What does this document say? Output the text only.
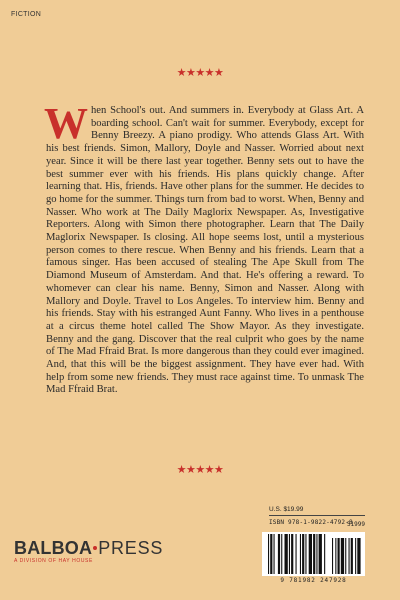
FICTION
★★★★★
When School's out. And summers in. Everybody at Glass Art. A boarding school. Can't wait for summer. Everybody, except for Benny Breezy. A piano prodigy. Who attends Glass Art. With his best friends. Simon, Mallory, Doyle and Nasser. Worried about next year. Since it will be there last year together. Benny sets out to have the best summer ever with his friends. His plans quickly change. After learning that. His, friends. Have other plans for the summer. He decides to go home for the summer. Things turn from bad to worst. When, Benny and Nasser. Who work at The Daily Maglorix Newspaper. As, Investigative Reporters. Along with Simon there photographer. Learn that The Daily Maglorix Newspaper. Is closing. All hope seems lost, until a mysterious person comes to there rescue. When Benny and his friends. Learn that a famous singer. Has been accused of stealing The Ape Skull from The Diamond Museum of Amsterdam. And that. He's offering a reward. To whomever can clear his name. Benny, Simon and Nasser. Along with Mallory and Doyle. Travel to Los Angeles. To interview him. Benny and his friends. Stay with his estranged Aunt Fanny. Who lives in a penthouse at a circus theme hotel called The Show Mayor. As they investigate. Benny and the gang. Discover that the real culprit who goes by the name of The Mad Ffraid Brat. Is more dangerous than they could ever imagined. And, that this will be the biggest assignment. They have ever had. With help from some new friends. They must race against time. To unmask The Mad Ffraid Brat.
★★★★★
BALBOA PRESS
A DIVISION OF HAY HOUSE
U.S. $19.99
ISBN 978-1-9822-4792-8
51999
9 781982 247928
